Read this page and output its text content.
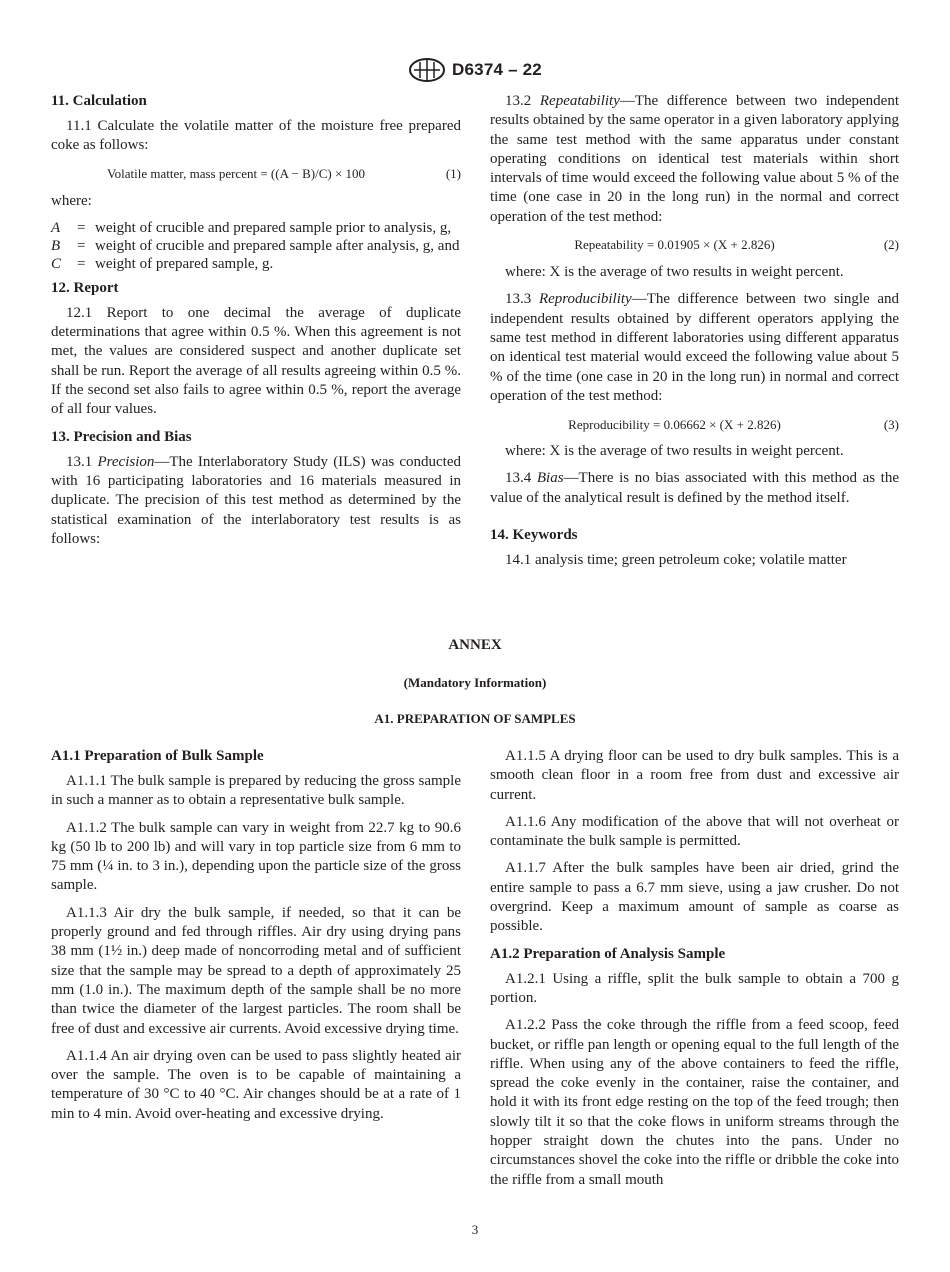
D6374 – 22
11. Calculation

11.1 Calculate the volatile matter of the moisture free prepared coke as follows:

Volatile matter, mass percent = ((A − B)/C) × 100	(1)

where:

A	= weight of crucible and prepared sample prior to analysis, g,
B	= weight of crucible and prepared sample after analysis, g, and
C	= weight of prepared sample, g.
12. Report

12.1 Report to one decimal the average of duplicate determinations that agree within 0.5 %. When this agreement is not met, the values are considered suspect and another duplicate set shall be run. Report the average of all results agreeing within 0.5 %. If the second set also fails to agree within 0.5 %, report the average of all four values.

13. Precision and Bias

13.1 Precision—The Interlaboratory Study (ILS) was conducted with 16 participating laboratories and 16 materials measured in duplicate. The precision of this test method as determined by the statistical examination of the interlaboratory test results is as follows:

13.2 Repeatability—The difference between two independent results obtained by the same operator in a given laboratory applying the same test method with the same apparatus under constant operating conditions on identical test materials within short intervals of time would exceed the following value about 5 % of the time (one case in 20 in the long run) in the normal and correct operation of the test method:

Repeatability = 0.01905 × (X + 2.826)	(2)

where: X is the average of two results in weight percent.

13.3 Reproducibility—The difference between two single and independent results obtained by different operators applying the same test method in different laboratories using different apparatus on identical test material would exceed the following value about 5 % of the time (one case in 20 in the long run) in normal and correct operation of the test method:

Reproducibility = 0.06662 × (X + 2.826)	(3)

where: X is the average of two results in weight percent.

13.4 Bias—There is no bias associated with this method as the value of the analytical result is defined by the method itself.

14. Keywords

14.1 analysis time; green petroleum coke; volatile matter

ANNEX
(Mandatory Information)
A1. PREPARATION OF SAMPLES
A1.1 Preparation of Bulk Sample

A1.1.1 The bulk sample is prepared by reducing the gross sample in such a manner as to obtain a representative bulk sample.

A1.1.2 The bulk sample can vary in weight from 22.7 kg to 90.6 kg (50 lb to 200 lb) and will vary in top particle size from 6 mm to 75 mm (¼ in. to 3 in.), depending upon the particle size of the gross sample.

A1.1.3 Air dry the bulk sample, if needed, so that it can be properly ground and fed through riffles. Air dry using drying pans 38 mm (1½ in.) deep made of noncorroding metal and of sufficient size that the sample may be spread to a depth of approximately 25 mm (1.0 in.). The maximum depth of the sample shall be no more than twice the diameter of the largest particles. The room shall be free of dust and excessive air currents. Avoid excessive drying time.

A1.1.4 An air drying oven can be used to pass slightly heated air over the sample. The oven is to be capable of maintaining a temperature of 30 °C to 40 °C. Air changes should be at a rate of 1 min to 4 min. Avoid over-heating and excessive drying.

A1.1.5 A drying floor can be used to dry bulk samples. This is a smooth clean floor in a room free from dust and excessive air current.

A1.1.6 Any modification of the above that will not overheat or contaminate the bulk sample is permitted.

A1.1.7 After the bulk samples have been air dried, grind the entire sample to pass a 6.7 mm sieve, using a jaw crusher. Do not overgrind. Keep a maximum amount of sample as coarse as possible.

A1.2 Preparation of Analysis Sample

A1.2.1 Using a riffle, split the bulk sample to obtain a 700 g portion.

A1.2.2 Pass the coke through the riffle from a feed scoop, feed bucket, or riffle pan length or opening equal to the full length of the riffle. When using any of the above containers to feed the riffle, spread the coke evenly in the container, raise the container, and hold it with its front edge resting on the top of the feed trough; then slowly tilt it so that the coke flows in uniform streams through the hopper straight down the chutes into the pans. Under no circumstances shovel the coke into the riffle or dribble the coke into the riffle from a small mouth

3
